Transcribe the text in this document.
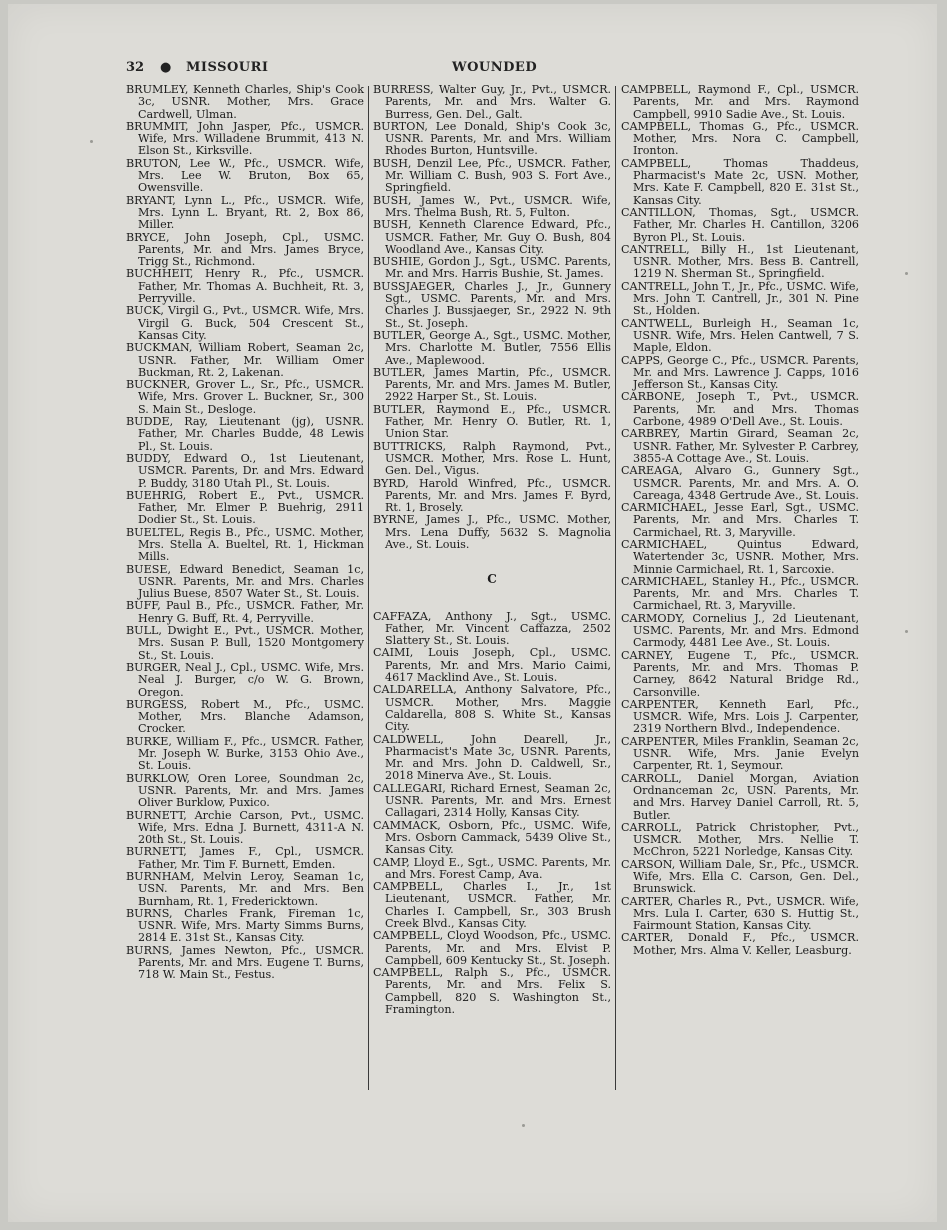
32 ● MISSOURI	WOUNDED

BRUMLEY, Kenneth Charles, Ship's Cook 3c, USNR. Mother, Mrs. Grace Cardwell, Ulman.

BRUMMIT, John Jasper, Pfc., USMCR. Wife, Mrs. Willadene Brummit, 413 N. Elson St., Kirksville.

BRUTON, Lee W., Pfc., USMCR. Wife, Mrs. Lee W. Bruton, Box 65, Owensville.

BRYANT, Lynn L., Pfc., USMCR. Wife, Mrs. Lynn L. Bryant, Rt. 2, Box 86, Miller.

BRYCE, John Joseph, Cpl., USMC. Parents, Mr. and Mrs. James Bryce, Trigg St., Richmond.

BUCHHEIT, Henry R., Pfc., USMCR. Father, Mr. Thomas A. Buchheit, Rt. 3, Perryville.

BUCK, Virgil G., Pvt., USMCR. Wife, Mrs. Virgil G. Buck, 504 Crescent St., Kansas City.

BUCKMAN, William Robert, Seaman 2c, USNR. Father, Mr. William Omer Buckman, Rt. 2, Lakenan.

BUCKNER, Grover L., Sr., Pfc., USMCR. Wife, Mrs. Grover L. Buckner, Sr., 300 S. Main St., Desloge.

BUDDE, Ray, Lieutenant (jg), USNR. Father, Mr. Charles Budde, 48 Lewis Pl., St. Louis.

BUDDY, Edward O., 1st Lieutenant, USMCR. Parents, Dr. and Mrs. Edward P. Buddy, 3180 Utah Pl., St. Louis.

BUEHRIG, Robert E., Pvt., USMCR. Father, Mr. Elmer P. Buehrig, 2911 Dodier St., St. Louis.

BUELTEL, Regis B., Pfc., USMC. Mother, Mrs. Stella A. Bueltel, Rt. 1, Hickman Mills.

BUESE, Edward Benedict, Seaman 1c, USNR. Parents, Mr. and Mrs. Charles Julius Buese, 8507 Water St., St. Louis.

BUFF, Paul B., Pfc., USMCR. Father, Mr. Henry G. Buff, Rt. 4, Perryville.

BULL, Dwight E., Pvt., USMCR. Mother, Mrs. Susan P. Bull, 1520 Montgomery St., St. Louis.

BURGER, Neal J., Cpl., USMC. Wife, Mrs. Neal J. Burger, c/o W. G. Brown, Oregon.

BURGESS, Robert M., Pfc., USMC. Mother, Mrs. Blanche Adamson, Crocker.

BURKE, William F., Pfc., USMCR. Father, Mr. Joseph W. Burke, 3153 Ohio Ave., St. Louis.

BURKLOW, Oren Loree, Soundman 2c, USNR. Parents, Mr. and Mrs. James Oliver Burklow, Puxico.

BURNETT, Archie Carson, Pvt., USMC. Wife, Mrs. Edna J. Burnett, 4311-A N. 20th St., St. Louis.

BURNETT, James F., Cpl., USMCR. Father, Mr. Tim F. Burnett, Emden.

BURNHAM, Melvin Leroy, Seaman 1c, USN. Parents, Mr. and Mrs. Ben Burnham, Rt. 1, Fredericktown.

BURNS, Charles Frank, Fireman 1c, USNR. Wife, Mrs. Marty Simms Burns, 2814 E. 31st St., Kansas City.

BURNS, James Newton, Pfc., USMCR. Parents, Mr. and Mrs. Eugene T. Burns, 718 W. Main St., Festus.

BURRESS, Walter Guy, Jr., Pvt., USMCR. Parents, Mr. and Mrs. Walter G. Burress, Gen. Del., Galt.

BURTON, Lee Donald, Ship's Cook 3c, USNR. Parents, Mr. and Mrs. William Rhodes Burton, Huntsville.

BUSH, Denzil Lee, Pfc., USMCR. Father, Mr. William C. Bush, 903 S. Fort Ave., Springfield.

BUSH, James W., Pvt., USMCR. Wife, Mrs. Thelma Bush, Rt. 5, Fulton.

BUSH, Kenneth Clarence Edward, Pfc., USMCR. Father, Mr. Guy O. Bush, 804 Woodland Ave., Kansas City.

BUSHIE, Gordon J., Sgt., USMC. Parents, Mr. and Mrs. Harris Bushie, St. James.

BUSSJAEGER, Charles J., Jr., Gunnery Sgt., USMC. Parents, Mr. and Mrs. Charles J. Bussjaeger, Sr., 2922 N. 9th St., St. Joseph.

BUTLER, George A., Sgt., USMC. Mother, Mrs. Charlotte M. Butler, 7556 Ellis Ave., Maplewood.

BUTLER, James Martin, Pfc., USMCR. Parents, Mr. and Mrs. James M. Butler, 2922 Harper St., St. Louis.

BUTLER, Raymond E., Pfc., USMCR. Father, Mr. Henry O. Butler, Rt. 1, Union Star.

BUTTRICKS, Ralph Raymond, Pvt., USMCR. Mother, Mrs. Rose L. Hunt, Gen. Del., Vigus.

BYRD, Harold Winfred, Pfc., USMCR. Parents, Mr. and Mrs. James F. Byrd, Rt. 1, Brosely.

BYRNE, James J., Pfc., USMC. Mother, Mrs. Lena Duffy, 5632 S. Magnolia Ave., St. Louis.

C

CAFFAZA, Anthony J., Sgt., USMC. Father, Mr. Vincent Caffazza, 2502 Slattery St., St. Louis.

CAIMI, Louis Joseph, Cpl., USMC. Parents, Mr. and Mrs. Mario Caimi, 4617 Macklind Ave., St. Louis.

CALDARELLA, Anthony Salvatore, Pfc., USMCR. Mother, Mrs. Maggie Caldarella, 808 S. White St., Kansas City.

CALDWELL, John Dearell, Jr., Pharmacist's Mate 3c, USNR. Parents, Mr. and Mrs. John D. Caldwell, Sr., 2018 Minerva Ave., St. Louis.

CALLEGARI, Richard Ernest, Seaman 2c, USNR. Parents, Mr. and Mrs. Ernest Callagari, 2314 Holly, Kansas City.

CAMMACK, Osborn, Pfc., USMC. Wife, Mrs. Osborn Cammack, 5439 Olive St., Kansas City.

CAMP, Lloyd E., Sgt., USMC. Parents, Mr. and Mrs. Forest Camp, Ava.

CAMPBELL, Charles I., Jr., 1st Lieutenant, USMCR. Father, Mr. Charles I. Campbell, Sr., 303 Brush Creek Blvd., Kansas City.

CAMPBELL, Cloyd Woodson, Pfc., USMC. Parents, Mr. and Mrs. Elvist P. Campbell, 609 Kentucky St., St. Joseph.

CAMPBELL, Ralph S., Pfc., USMCR. Parents, Mr. and Mrs. Felix S. Campbell, 820 S. Washington St., Framington.

CAMPBELL, Raymond F., Cpl., USMCR. Parents, Mr. and Mrs. Raymond Campbell, 9910 Sadie Ave., St. Louis.

CAMPBELL, Thomas G., Pfc., USMCR. Mother, Mrs. Nora C. Campbell, Ironton.

CAMPBELL, Thomas Thaddeus, Pharmacist's Mate 2c, USN. Mother, Mrs. Kate F. Campbell, 820 E. 31st St., Kansas City.

CANTILLON, Thomas, Sgt., USMCR. Father, Mr. Charles H. Cantillon, 3206 Byron Pl., St. Louis.

CANTRELL, Billy H., 1st Lieutenant, USNR. Mother, Mrs. Bess B. Cantrell, 1219 N. Sherman St., Springfield.

CANTRELL, John T., Jr., Pfc., USMC. Wife, Mrs. John T. Cantrell, Jr., 301 N. Pine St., Holden.

CANTWELL, Burleigh H., Seaman 1c, USNR. Wife, Mrs. Helen Cantwell, 7 S. Maple, Eldon.

CAPPS, George C., Pfc., USMCR. Parents, Mr. and Mrs. Lawrence J. Capps, 1016 Jefferson St., Kansas City.

CARBONE, Joseph T., Pvt., USMCR. Parents, Mr. and Mrs. Thomas Carbone, 4989 O'Dell Ave., St. Louis.

CARBREY, Martin Girard, Seaman 2c, USNR. Father, Mr. Sylvester P. Carbrey, 3855-A Cottage Ave., St. Louis.

CAREAGA, Alvaro G., Gunnery Sgt., USMCR. Parents, Mr. and Mrs. A. O. Careaga, 4348 Gertrude Ave., St. Louis.

CARMICHAEL, Jesse Earl, Sgt., USMC. Parents, Mr. and Mrs. Charles T. Carmichael, Rt. 3, Maryville.

CARMICHAEL, Quintus Edward, Watertender 3c, USNR. Mother, Mrs. Minnie Carmichael, Rt. 1, Sarcoxie.

CARMICHAEL, Stanley H., Pfc., USMCR. Parents, Mr. and Mrs. Charles T. Carmichael, Rt. 3, Maryville.

CARMODY, Cornelius J., 2d Lieutenant, USMC. Parents, Mr. and Mrs. Edmond Carmody, 4481 Lee Ave., St. Louis.

CARNEY, Eugene T., Pfc., USMCR. Parents, Mr. and Mrs. Thomas P. Carney, 8642 Natural Bridge Rd., Carsonville.

CARPENTER, Kenneth Earl, Pfc., USMCR. Wife, Mrs. Lois J. Carpenter, 2319 Northern Blvd., Independence.

CARPENTER, Miles Franklin, Seaman 2c, USNR. Wife, Mrs. Janie Evelyn Carpenter, Rt. 1, Seymour.

CARROLL, Daniel Morgan, Aviation Ordnanceman 2c, USN. Parents, Mr. and Mrs. Harvey Daniel Carroll, Rt. 5, Butler.

CARROLL, Patrick Christopher, Pvt., USMCR. Mother, Mrs. Nellie T. McChron, 5221 Norledge, Kansas City.

CARSON, William Dale, Sr., Pfc., USMCR. Wife, Mrs. Ella C. Carson, Gen. Del., Brunswick.

CARTER, Charles R., Pvt., USMCR. Wife, Mrs. Lula I. Carter, 630 S. Huttig St., Fairmount Station, Kansas City.

CARTER, Donald F., Pfc., USMCR. Mother, Mrs. Alma V. Keller, Leasburg.
